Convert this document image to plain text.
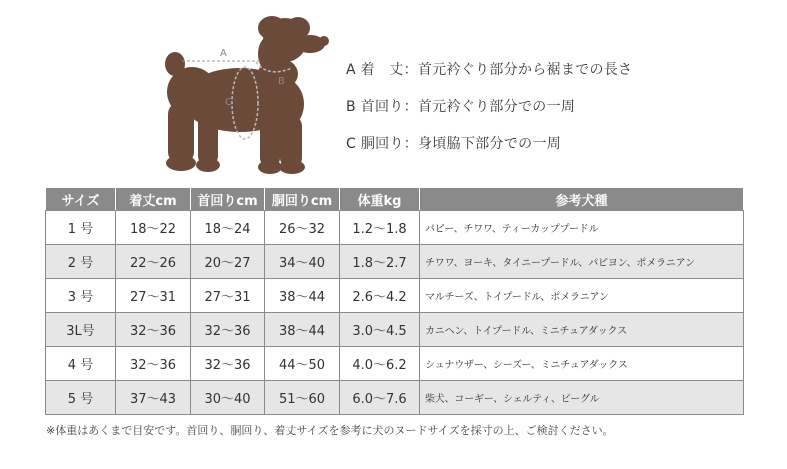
A
B
C
A 着　丈：首元衿ぐり部分から裾までの長さ
B 首回り：首元衿ぐり部分での一周
C 胴回り：身頃脇下部分での一周
サイズ	着丈cm	首回りcm	胴回りcm	体重kg	参考犬種
1 号	18～22	18～24	26～32	1.2～1.8	パピー、チワワ、ティーカッププードル
2 号	22～26	20～27	34～40	1.8～2.7	チワワ、ヨーキ、タイニープードル、パピヨン、ポメラニアン
3 号	27～31	27～31	38～44	2.6～4.2	マルチーズ、トイプードル、ポメラニアン
3L号	32～36	32～36	38～44	3.0～4.5	カニヘン、トイプードル、ミニチュアダックス
4 号	32～36	32～36	44～50	4.0～6.2	シュナウザー、シーズー、ミニチュアダックス
5 号	37～43	30～40	51～60	6.0～7.6	柴犬、コーギー、シェルティ、ビーグル
※体重はあくまで目安です。首回り、胴回り、着丈サイズを参考に犬のヌードサイズを採寸の上、ご検討ください。
